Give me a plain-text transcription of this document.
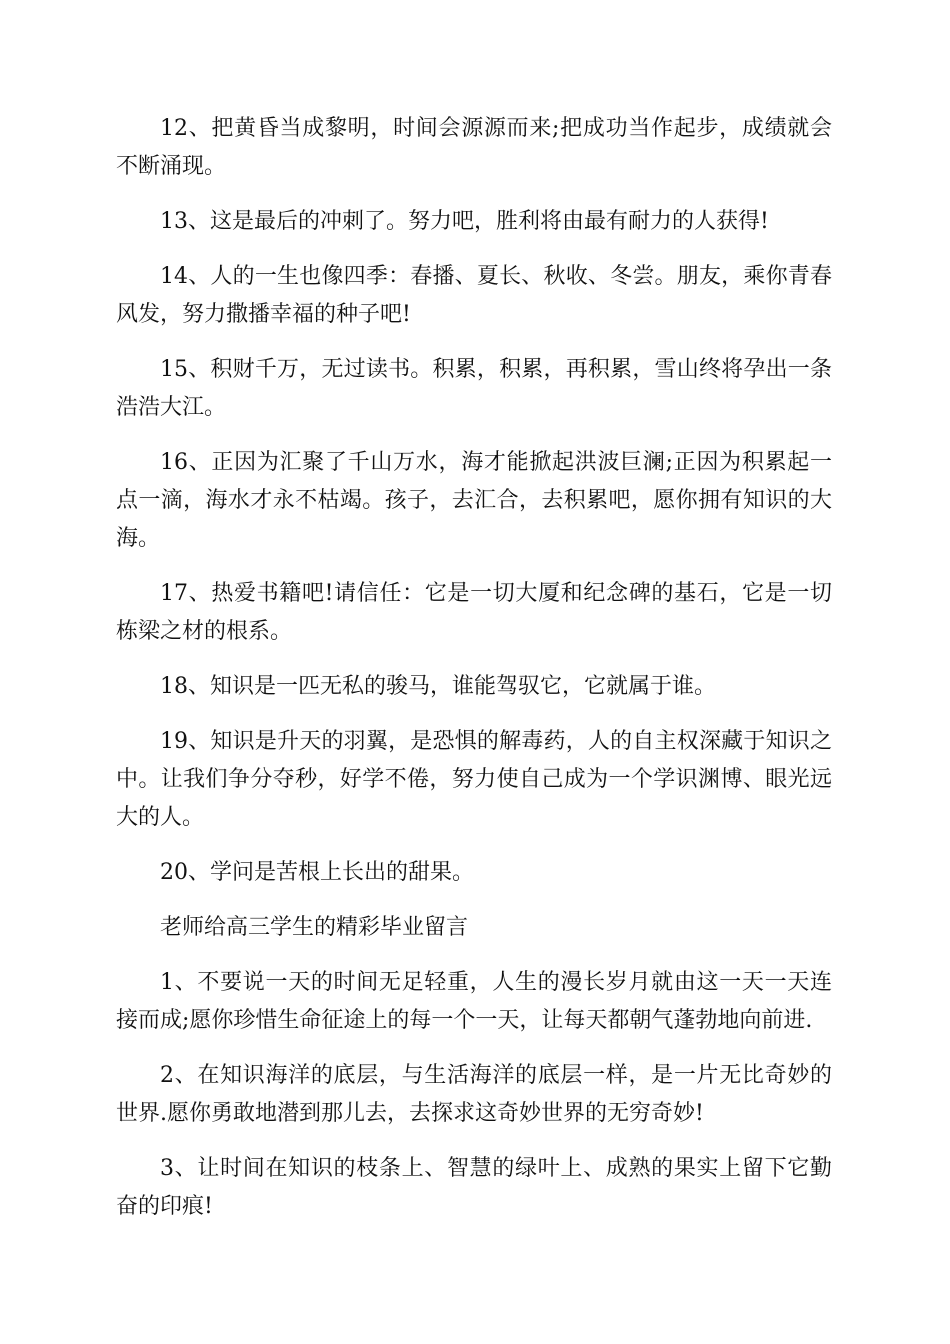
12、把黄昏当成黎明，时间会源源而来;把成功当作起步，成绩就会不断涌现。

13、这是最后的冲刺了。努力吧，胜利将由最有耐力的人获得!

14、人的一生也像四季：春播、夏长、秋收、冬尝。朋友，乘你青春风发，努力撒播幸福的种子吧!

15、积财千万，无过读书。积累，积累，再积累，雪山终将孕出一条浩浩大江。

16、正因为汇聚了千山万水，海才能掀起洪波巨澜;正因为积累起一点一滴，海水才永不枯竭。孩子，去汇合，去积累吧，愿你拥有知识的大海。

17、热爱书籍吧!请信任：它是一切大厦和纪念碑的基石，它是一切栋梁之材的根系。

18、知识是一匹无私的骏马，谁能驾驭它，它就属于谁。

19、知识是升天的羽翼，是恐惧的解毒药，人的自主权深藏于知识之中。让我们争分夺秒，好学不倦，努力使自己成为一个学识渊博、眼光远大的人。

20、学问是苦根上长出的甜果。

老师给高三学生的精彩毕业留言

1、不要说一天的时间无足轻重，人生的漫长岁月就由这一天一天连接而成;愿你珍惜生命征途上的每一个一天，让每天都朝气蓬勃地向前进.

2、在知识海洋的底层，与生活海洋的底层一样，是一片无比奇妙的世界.愿你勇敢地潜到那儿去，去探求这奇妙世界的无穷奇妙!

3、让时间在知识的枝条上、智慧的绿叶上、成熟的果实上留下它勤奋的印痕!
